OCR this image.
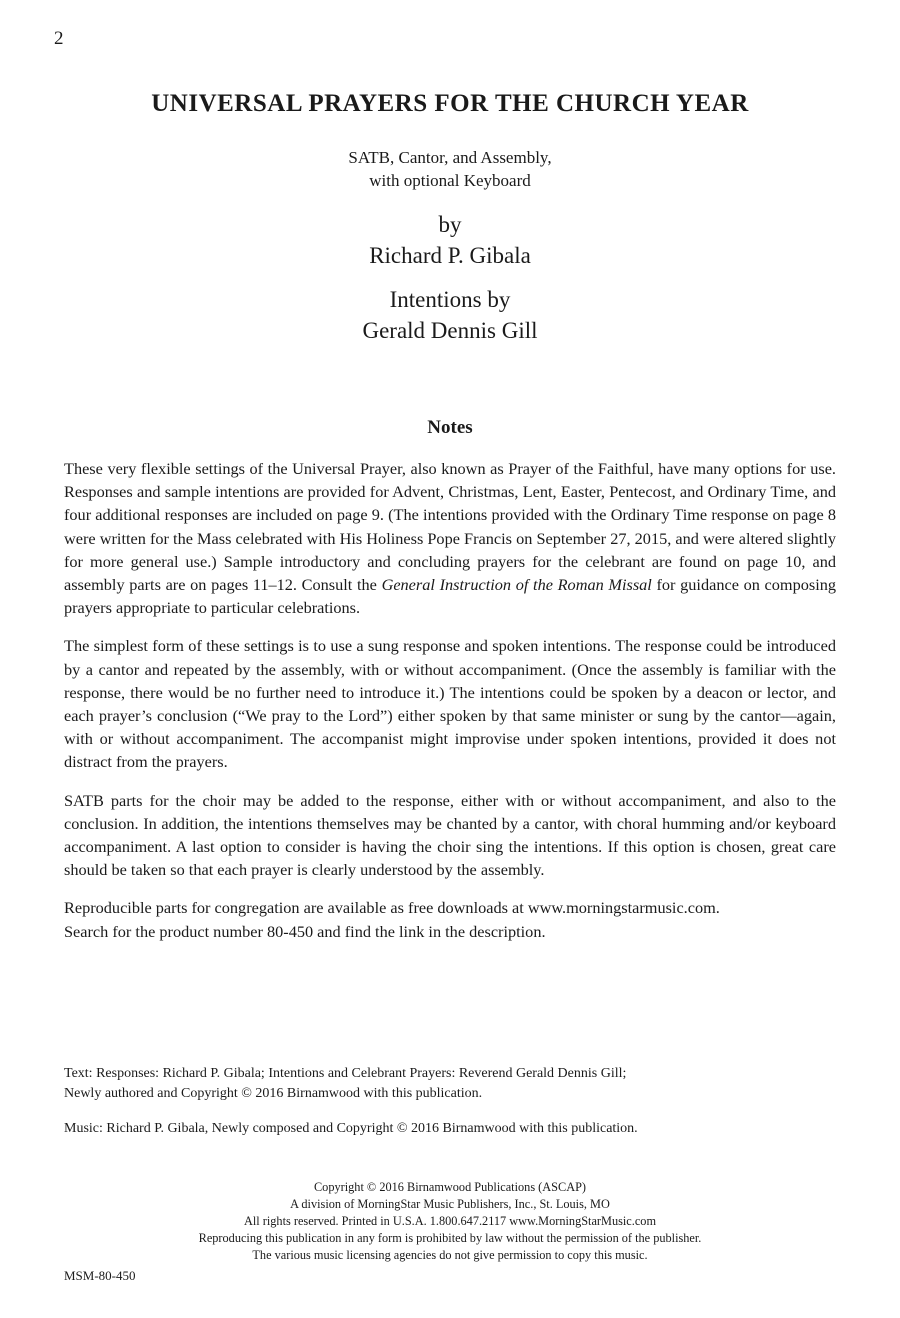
2
UNIVERSAL PRAYERS FOR THE CHURCH YEAR
SATB, Cantor, and Assembly,
with optional Keyboard
by
Richard P. Gibala
Intentions by
Gerald Dennis Gill
Notes

These very flexible settings of the Universal Prayer, also known as Prayer of the Faithful, have many options for use. Responses and sample intentions are provided for Advent, Christmas, Lent, Easter, Pentecost, and Ordinary Time, and four additional responses are included on page 9. (The intentions provided with the Ordinary Time response on page 8 were written for the Mass celebrated with His Holiness Pope Francis on September 27, 2015, and were altered slightly for more general use.) Sample introductory and concluding prayers for the celebrant are found on page 10, and assembly parts are on pages 11–12. Consult the General Instruction of the Roman Missal for guidance on composing prayers appropriate to particular celebrations.

The simplest form of these settings is to use a sung response and spoken intentions. The response could be introduced by a cantor and repeated by the assembly, with or without accompaniment. (Once the assembly is familiar with the response, there would be no further need to introduce it.) The intentions could be spoken by a deacon or lector, and each prayer’s conclusion (“We pray to the Lord”) either spoken by that same minister or sung by the cantor—again, with or without accompaniment. The accompanist might improvise under spoken intentions, provided it does not distract from the prayers.

SATB parts for the choir may be added to the response, either with or without accompaniment, and also to the conclusion. In addition, the intentions themselves may be chanted by a cantor, with choral humming and/or keyboard accompaniment. A last option to consider is having the choir sing the intentions. If this option is chosen, great care should be taken so that each prayer is clearly understood by the assembly.

Reproducible parts for congregation are available as free downloads at www.morningstarmusic.com.
Search for the product number 80-450 and find the link in the description.

Text: Responses: Richard P. Gibala; Intentions and Celebrant Prayers: Reverend Gerald Dennis Gill;
Newly authored and Copyright © 2016 Birnamwood with this publication.

Music: Richard P. Gibala, Newly composed and Copyright © 2016 Birnamwood with this publication.

Copyright © 2016 Birnamwood Publications (ASCAP)
A division of MorningStar Music Publishers, Inc., St. Louis, MO
All rights reserved. Printed in U.S.A. 1.800.647.2117 www.MorningStarMusic.com
Reproducing this publication in any form is prohibited by law without the permission of the publisher.
The various music licensing agencies do not give permission to copy this music.
MSM-80-450
